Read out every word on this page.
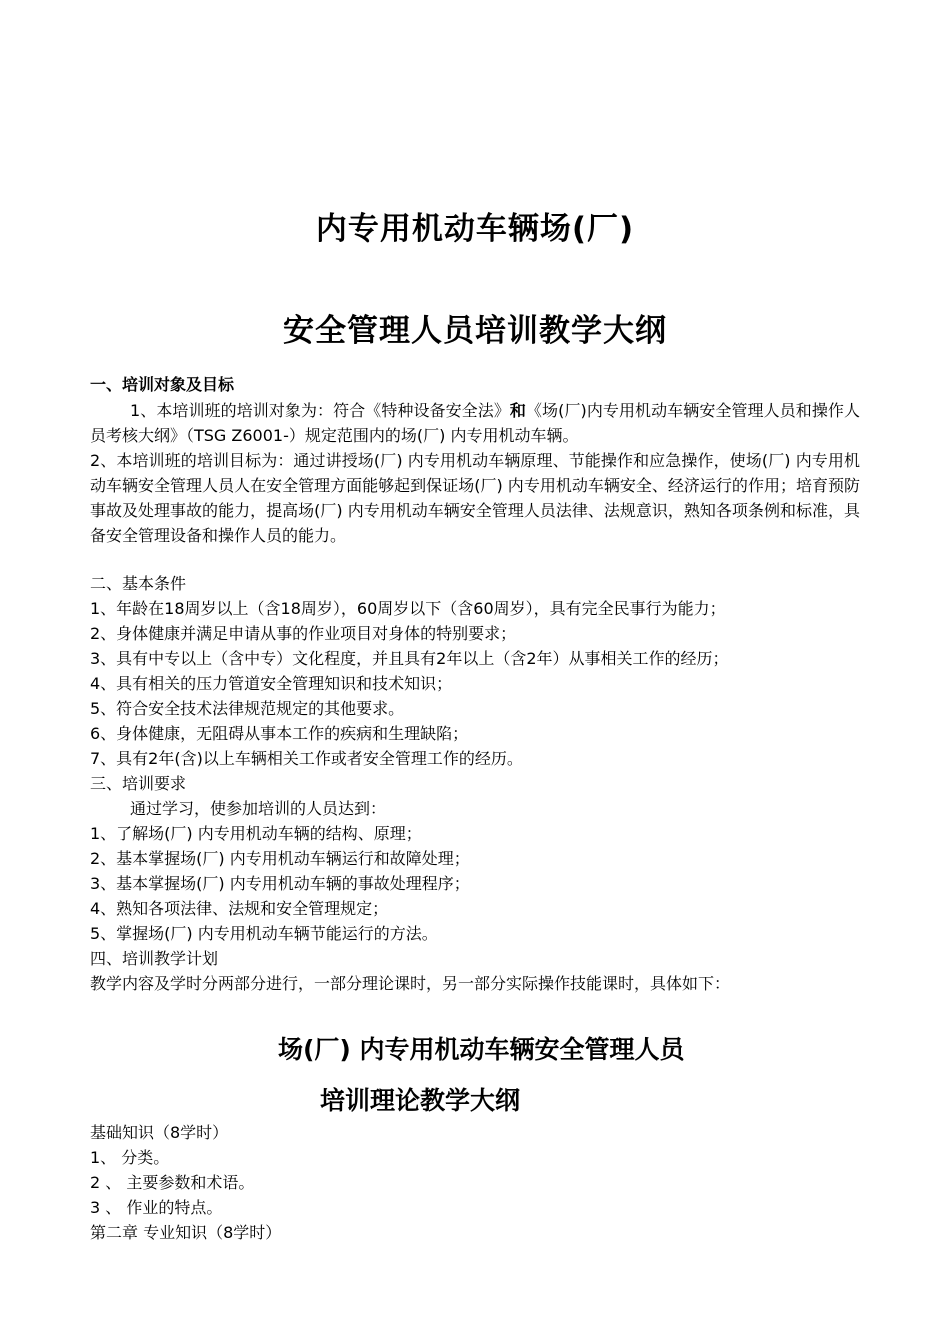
内专用机动车辆场(厂)
安全管理人员培训教学大纲
一、培训对象及目标

1、本培训班的培训对象为：符合《特种设备安全法》和《场(厂)内专用机动车辆安全管理人员和操作人员考核大纲》（TSG Z6001-）规定范围内的场(厂) 内专用机动车辆。

2、本培训班的培训目标为：通过讲授场(厂) 内专用机动车辆原理、节能操作和应急操作，使场(厂) 内专用机动车辆安全管理人员人在安全管理方面能够起到保证场(厂) 内专用机动车辆安全、经济运行的作用；培育预防事故及处理事故的能力，提高场(厂) 内专用机动车辆安全管理人员法律、法规意识，熟知各项条例和标准，具备安全管理设备和操作人员的能力。

二、基本条件
1、年龄在18周岁以上（含18周岁），60周岁以下（含60周岁），具有完全民事行为能力；
2、身体健康并满足申请从事的作业项目对身体的特别要求；
3、具有中专以上（含中专）文化程度，并且具有2年以上（含2年）从事相关工作的经历；
4、具有相关的压力管道安全管理知识和技术知识；
5、符合安全技术法律规范规定的其他要求。
6、身体健康，无阻碍从事本工作的疾病和生理缺陷；
7、具有2年(含)以上车辆相关工作或者安全管理工作的经历。
三、培训要求
通过学习，使参加培训的人员达到：
1、了解场(厂) 内专用机动车辆的结构、原理；
2、基本掌握场(厂) 内专用机动车辆运行和故障处理；
3、基本掌握场(厂) 内专用机动车辆的事故处理程序；
4、熟知各项法律、法规和安全管理规定；
5、掌握场(厂) 内专用机动车辆节能运行的方法。
四、培训教学计划
教学内容及学时分两部分进行，一部分理论课时，另一部分实际操作技能课时，具体如下：
场(厂) 内专用机动车辆安全管理人员
培训理论教学大纲
基础知识（8学时）
1、 分类。
2 、 主要参数和术语。
3 、 作业的特点。
第二章 专业知识（8学时）
